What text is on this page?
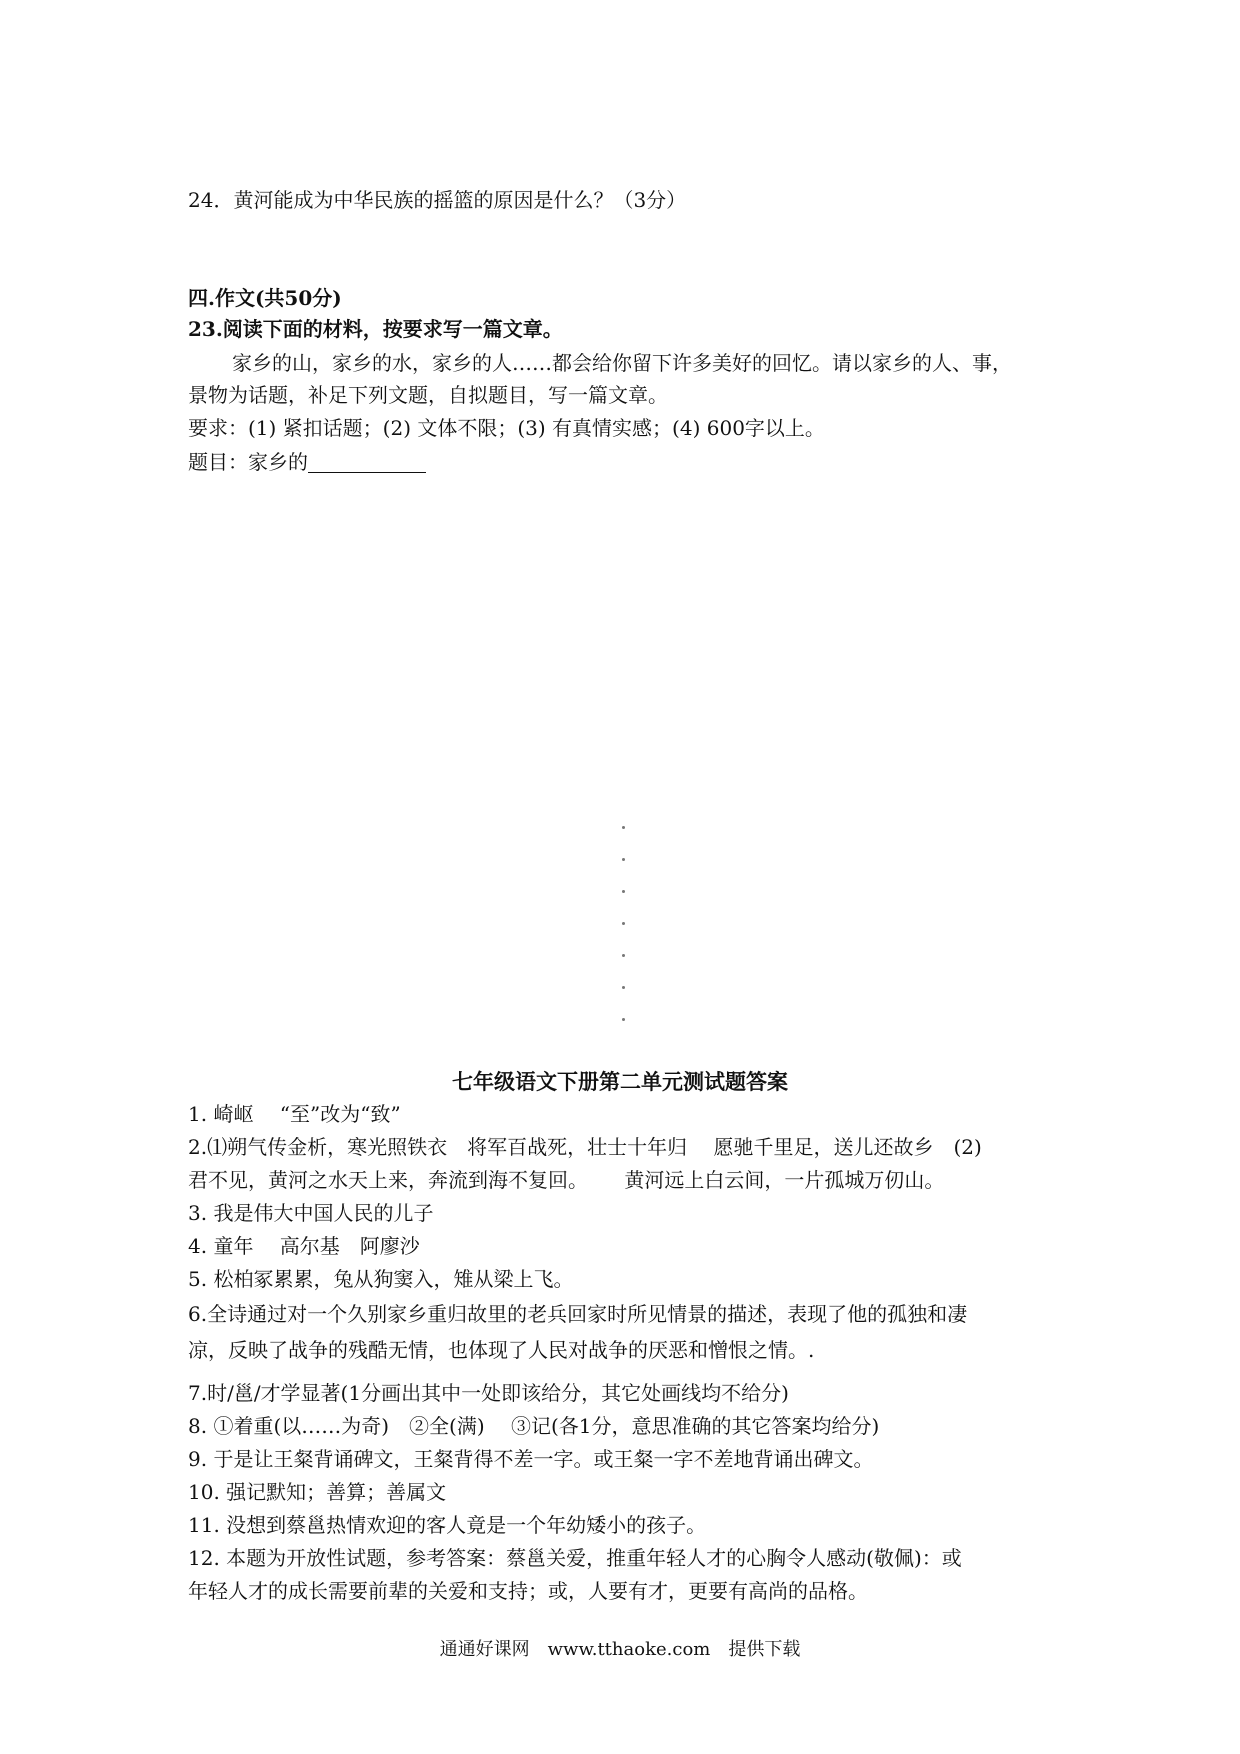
24．黄河能成为中华民族的摇篮的原因是什么？（3分）
四.作文(共50分)
23.阅读下面的材料，按要求写一篇文章。
家乡的山，家乡的水，家乡的人……都会给你留下许多美好的回忆。请以家乡的人、事，
景物为话题，补足下列文题，自拟题目，写一篇文章。
要求：(1) 紧扣话题；(2) 文体不限；(3) 有真情实感；(4) 600字以上。
题目：家乡的
七年级语文下册第二单元测试题答案
1. 崎岖　 “至”改为“致”
2.⑴朔气传金析，寒光照铁衣　将军百战死，壮士十年归　 愿驰千里足，送儿还故乡　(2)
君不见，黄河之水天上来，奔流到海不复回。　　 黄河远上白云间，一片孤城万仞山。
3. 我是伟大中国人民的儿子
4. 童年　 高尔基　阿廖沙
5. 松柏冢累累，兔从狗窦入，雉从梁上飞。
6.全诗通过对一个久别家乡重归故里的老兵回家时所见情景的描述，表现了他的孤独和凄
凉，反映了战争的残酷无情，也体现了人民对战争的厌恶和憎恨之情。.
7.时/邕/才学显著(1分画出其中一处即该给分，其它处画线均不给分)
8. ①着重(以……为奇)　②全(满)　 ③记(各1分，意思准确的其它答案均给分)
9. 于是让王粲背诵碑文，王粲背得不差一字。或王粲一字不差地背诵出碑文。
10. 强记默知；善算；善属文
11. 没想到蔡邕热情欢迎的客人竟是一个年幼矮小的孩子。
12. 本题为开放性试题，参考答案：蔡邕关爱，推重年轻人才的心胸令人感动(敬佩)：或
年轻人才的成长需要前辈的关爱和支持；或，人要有才，更要有高尚的品格。
通通好课网　www.tthaoke.com　提供下载
